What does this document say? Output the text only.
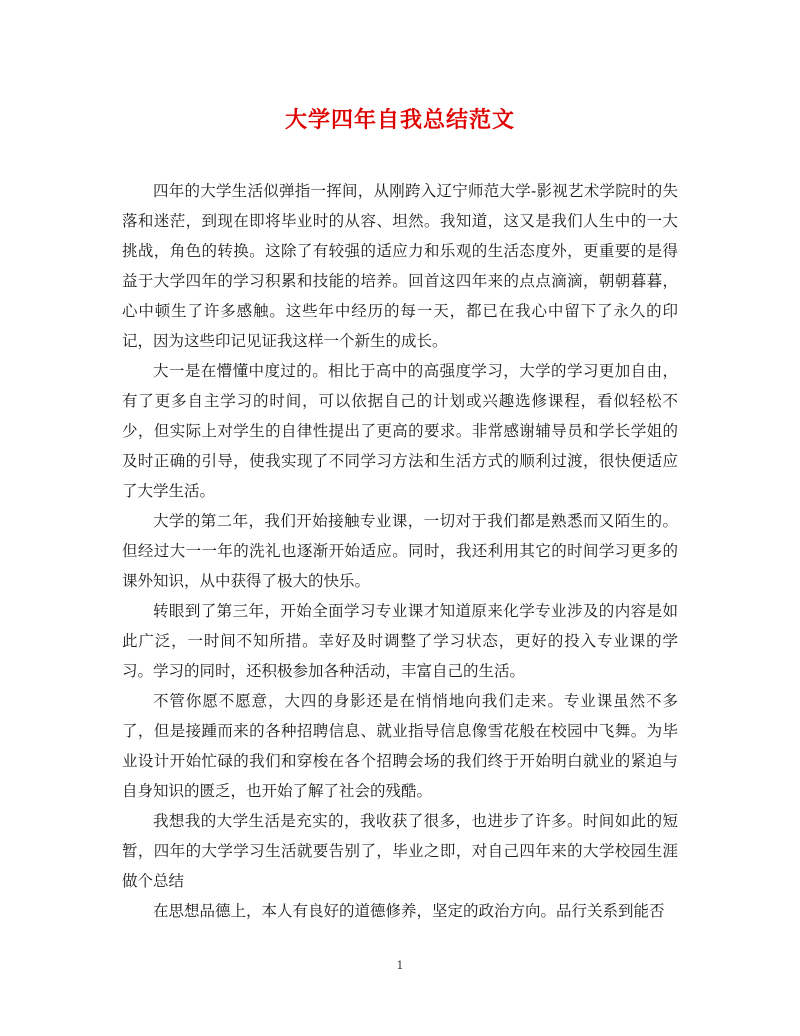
大学四年自我总结范文

四年的大学生活似弹指一挥间，从刚跨入辽宁师范大学-影视艺术学院时的失落和迷茫，到现在即将毕业时的从容、坦然。我知道，这又是我们人生中的一大挑战，角色的转换。这除了有较强的适应力和乐观的生活态度外，更重要的是得益于大学四年的学习积累和技能的培养。回首这四年来的点点滴滴，朝朝暮暮，心中顿生了许多感触。这些年中经历的每一天，都已在我心中留下了永久的印记，因为这些印记见证我这样一个新生的成长。

大一是在懵懂中度过的。相比于高中的高强度学习，大学的学习更加自由，有了更多自主学习的时间，可以依据自己的计划或兴趣选修课程，看似轻松不少，但实际上对学生的自律性提出了更高的要求。非常感谢辅导员和学长学姐的及时正确的引导，使我实现了不同学习方法和生活方式的顺利过渡，很快便适应了大学生活。

大学的第二年，我们开始接触专业课，一切对于我们都是熟悉而又陌生的。但经过大一一年的洗礼也逐渐开始适应。同时，我还利用其它的时间学习更多的课外知识，从中获得了极大的快乐。

转眼到了第三年，开始全面学习专业课才知道原来化学专业涉及的内容是如此广泛，一时间不知所措。幸好及时调整了学习状态，更好的投入专业课的学习。学习的同时，还积极参加各种活动，丰富自己的生活。

不管你愿不愿意，大四的身影还是在悄悄地向我们走来。专业课虽然不多了，但是接踵而来的各种招聘信息、就业指导信息像雪花般在校园中飞舞。为毕业设计开始忙碌的我们和穿梭在各个招聘会场的我们终于开始明白就业的紧迫与自身知识的匮乏，也开始了解了社会的残酷。

我想我的大学生活是充实的，我收获了很多，也进步了许多。时间如此的短暂，四年的大学学习生活就要告别了，毕业之即，对自己四年来的大学校园生涯做个总结

在思想品德上，本人有良好的道德修养，坚定的政治方向。品行关系到能否

1
